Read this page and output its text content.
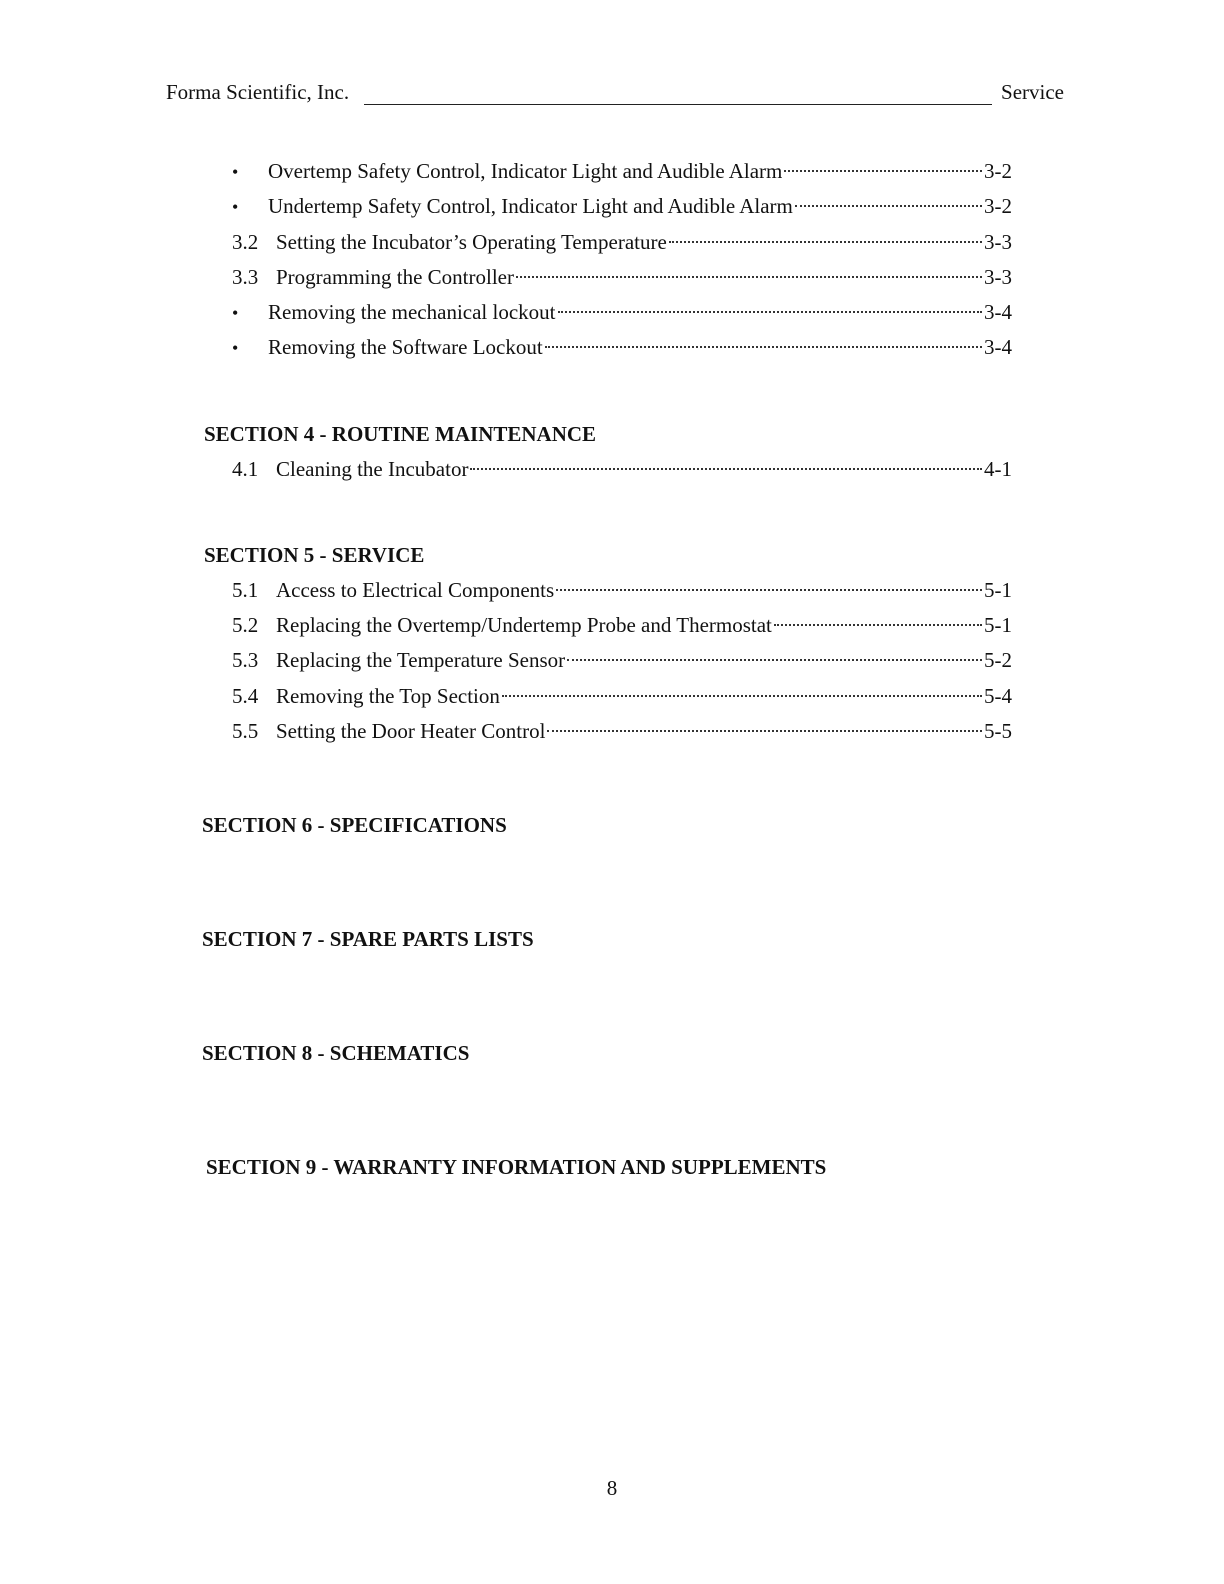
Forma Scientific, Inc.	Service
• Overtemp Safety Control, Indicator Light and Audible Alarm	3-2
• Undertemp Safety Control, Indicator Light and Audible Alarm	3-2
3.2 Setting the Incubator’s Operating Temperature	3-3
3.3 Programming the Controller	3-3
• Removing the mechanical lockout	3-4
• Removing the Software Lockout	3-4
SECTION 4 - ROUTINE MAINTENANCE
4.1 Cleaning the Incubator	4-1
SECTION 5 - SERVICE
5.1 Access to Electrical Components	5-1
5.2 Replacing the Overtemp/Undertemp Probe and Thermostat	5-1
5.3 Replacing the Temperature Sensor	5-2
5.4 Removing the Top Section	5-4
5.5 Setting the Door Heater Control	5-5
SECTION 6 - SPECIFICATIONS
SECTION 7 - SPARE PARTS LISTS
SECTION 8 - SCHEMATICS
SECTION 9 - WARRANTY INFORMATION AND SUPPLEMENTS
8
